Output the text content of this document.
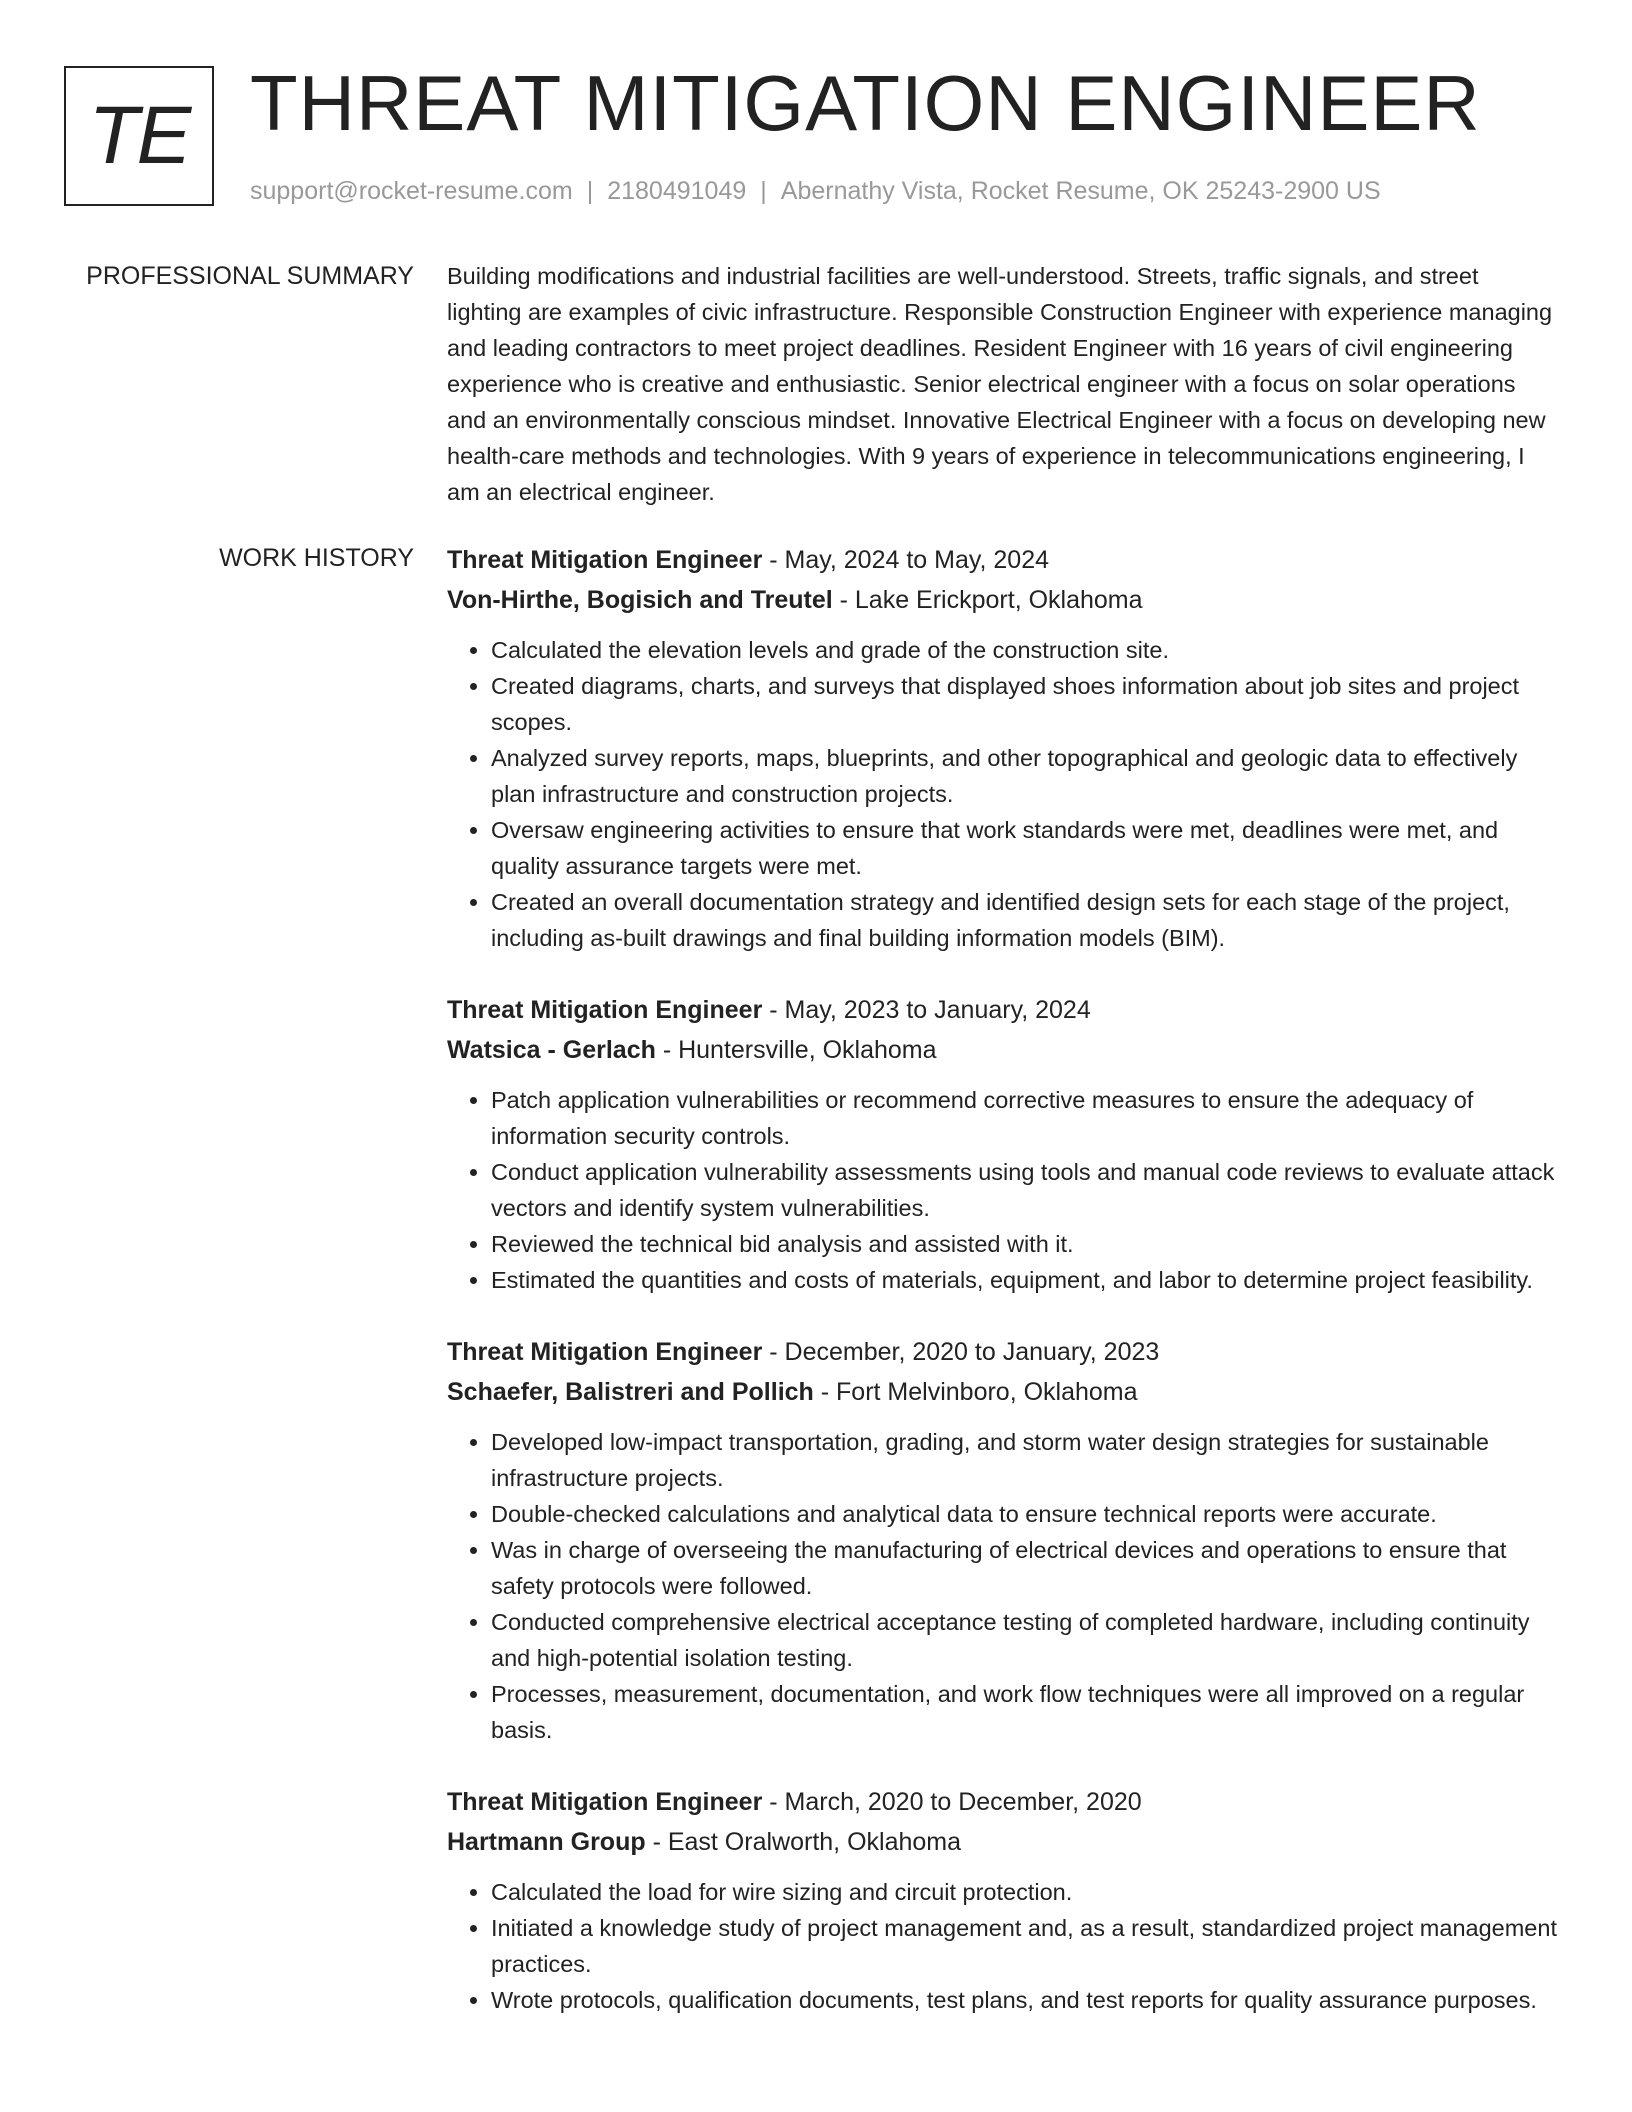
TE THREAT MITIGATION ENGINEER
support@rocket-resume.com | 2180491049 | Abernathy Vista, Rocket Resume, OK 25243-2900 US
PROFESSIONAL SUMMARY Building modifications and industrial facilities are well-understood. Streets, traffic signals, and street lighting are examples of civic infrastructure. Responsible Construction Engineer with experience managing and leading contractors to meet project deadlines. Resident Engineer with 16 years of civil engineering experience who is creative and enthusiastic. Senior electrical engineer with a focus on solar operations and an environmentally conscious mindset. Innovative Electrical Engineer with a focus on developing new health-care methods and technologies. With 9 years of experience in telecommunications engineering, I am an electrical engineer.

WORK HISTORY Threat Mitigation Engineer - May, 2024 to May, 2024
Von-Hirthe, Bogisich and Treutel - Lake Erickport, Oklahoma
• Calculated the elevation levels and grade of the construction site.
• Created diagrams, charts, and surveys that displayed shoes information about job sites and project scopes.
• Analyzed survey reports, maps, blueprints, and other topographical and geologic data to effectively plan infrastructure and construction projects.
• Oversaw engineering activities to ensure that work standards were met, deadlines were met, and quality assurance targets were met.
• Created an overall documentation strategy and identified design sets for each stage of the project, including as-built drawings and final building information models (BIM).
Threat Mitigation Engineer - May, 2023 to January, 2024
Watsica - Gerlach - Huntersville, Oklahoma
• Patch application vulnerabilities or recommend corrective measures to ensure the adequacy of information security controls.
• Conduct application vulnerability assessments using tools and manual code reviews to evaluate attack vectors and identify system vulnerabilities.
• Reviewed the technical bid analysis and assisted with it.
• Estimated the quantities and costs of materials, equipment, and labor to determine project feasibility.
Threat Mitigation Engineer - December, 2020 to January, 2023
Schaefer, Balistreri and Pollich - Fort Melvinboro, Oklahoma
• Developed low-impact transportation, grading, and storm water design strategies for sustainable infrastructure projects.
• Double-checked calculations and analytical data to ensure technical reports were accurate.
• Was in charge of overseeing the manufacturing of electrical devices and operations to ensure that safety protocols were followed.
• Conducted comprehensive electrical acceptance testing of completed hardware, including continuity and high-potential isolation testing.
• Processes, measurement, documentation, and work flow techniques were all improved on a regular basis.
Threat Mitigation Engineer - March, 2020 to December, 2020
Hartmann Group - East Oralworth, Oklahoma
• Calculated the load for wire sizing and circuit protection.
• Initiated a knowledge study of project management and, as a result, standardized project management practices.
• Wrote protocols, qualification documents, test plans, and test reports for quality assurance purposes.
